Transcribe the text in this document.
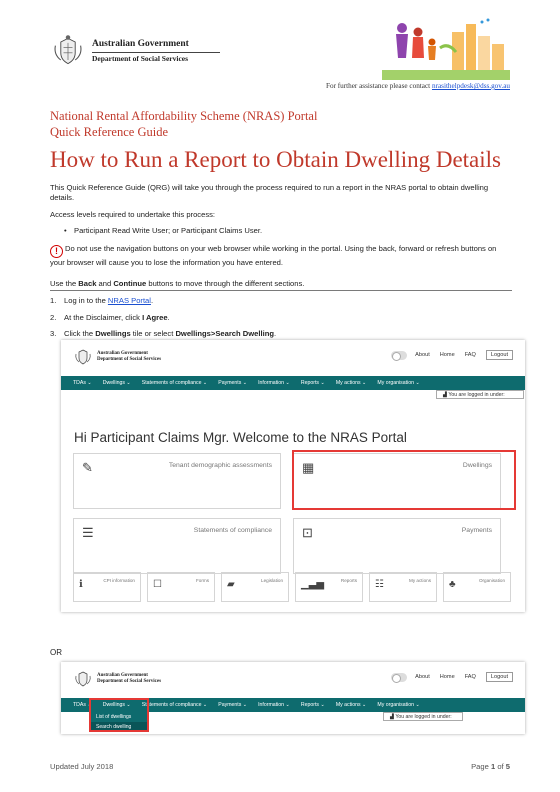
Australian Government
Department of Social Services
For further assistance please contact nrasithelpdesk@dss.gov.au
National Rental Affordability Scheme (NRAS) Portal
Quick Reference Guide
How to Run a Report to Obtain Dwelling Details
This Quick Reference Guide (QRG) will take you through the process required to run a report in the NRAS portal to obtain dwelling details.
Access levels required to undertake this process:
• Participant Read Write User; or Participant Claims User.
! Do not use the navigation buttons on your web browser while working in the portal. Using the back, forward or refresh buttons on your browser will cause you to lose the information you have entered.
Use the Back and Continue buttons to move through the different sections.
1.	Log in to the NRAS Portal.
2.	At the Disclaimer, click I Agree.
3.	Click the Dwellings tile or select Dwellings>Search Dwelling.
Australian Government
Department of Social Services
About Home FAQ	Logout
TDAs ⌄ Dwellings ⌄ Statements of compliance ⌄ Payments ⌄ Information ⌄ Reports ⌄ My actions ⌄ My organisation ⌄
▟ You are logged in under:
Hi Participant Claims Mgr. Welcome to the NRAS Portal
✎	Tenant demographic assessments ▦	Dwellings
☰	Statements of compliance ⊡	Payments
ℹ	CPI information ☐	Forms ▰	Legislation ▁▃▅	Reports ☷	My actions ♣	Organisation
OR
Australian Government
Department of Social Services
About Home FAQ	Logout
TDAs ⌄ Dwellings ⌄ Statements of compliance ⌄ Payments ⌄ Information ⌄ Reports ⌄ My actions ⌄ My organisation ⌄
List of dwellings
Search dwelling
▟ You are logged in under:
Updated July 2018	Page 1 of 5
